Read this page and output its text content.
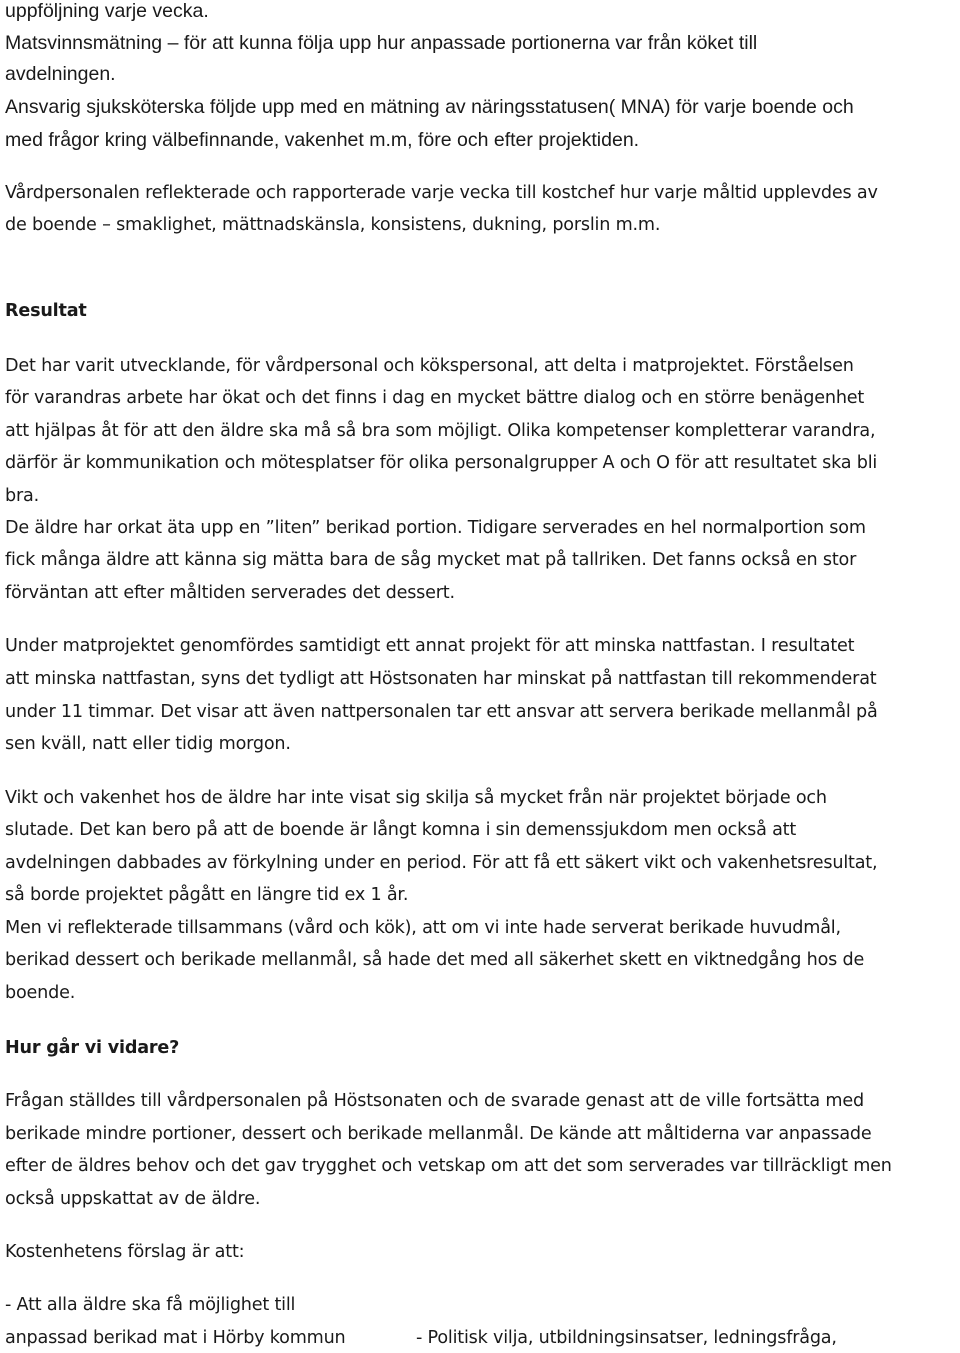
uppföljning varje vecka.
Matsvinnsmätning – för att kunna följa upp hur anpassade portionerna var från köket till
avdelningen.
Ansvarig sjuksköterska följde upp med en mätning av näringsstatusen( MNA) för varje boende och
med frågor kring välbefinnande, vakenhet m.m, före och efter projektiden.
Vårdpersonalen reflekterade och rapporterade varje vecka till kostchef hur varje måltid upplevdes av
de boende – smaklighet, mättnadskänsla, konsistens, dukning, porslin m.m.
Resultat
Det har varit utvecklande, för vårdpersonal och kökspersonal, att delta i matprojektet. Förståelsen
för varandras arbete har ökat och det finns i dag en mycket bättre dialog och en större benägenhet
att hjälpas åt för att den äldre ska må så bra som möjligt. Olika kompetenser kompletterar varandra,
därför är kommunikation och mötesplatser för olika personalgrupper A och O för att resultatet ska bli
bra.
De äldre har orkat äta upp en ”liten” berikad portion. Tidigare serverades en hel normalportion som
fick många äldre att känna sig mätta bara de såg mycket mat på tallriken. Det fanns också en stor
förväntan att efter måltiden serverades det dessert.
Under matprojektet genomfördes samtidigt ett annat projekt för att minska nattfastan. I resultatet
att minska nattfastan, syns det tydligt att Höstsonaten har minskat på nattfastan till rekommenderat
under 11 timmar. Det visar att även nattpersonalen tar ett ansvar att servera berikade mellanmål på
sen kväll, natt eller tidig morgon.
Vikt och vakenhet hos de äldre har inte visat sig skilja så mycket från när projektet började och
slutade. Det kan bero på att de boende är långt komna i sin demenssjukdom men också att
avdelningen dabbades av förkylning under en period. För att få ett säkert vikt och vakenhetsresultat,
så borde projektet pågått en längre tid ex 1 år.
Men vi reflekterade tillsammans (vård och kök), att om vi inte hade serverat berikade huvudmål,
berikad dessert och berikade mellanmål, så hade det med all säkerhet skett en viktnedgång hos de
boende.
Hur går vi vidare?
Frågan ställdes till vårdpersonalen på Höstsonaten och de svarade genast att de ville fortsätta med
berikade mindre portioner, dessert och berikade mellanmål. De kände att måltiderna var anpassade
efter de äldres behov och det gav trygghet och vetskap om att det som serverades var tillräckligt men
också uppskattat av de äldre.
Kostenhetens förslag är att:
- Att alla äldre ska få möjlighet till
anpassad berikad mat i Hörby kommun	- Politisk vilja, utbildningsinsatser, ledningsfråga,
